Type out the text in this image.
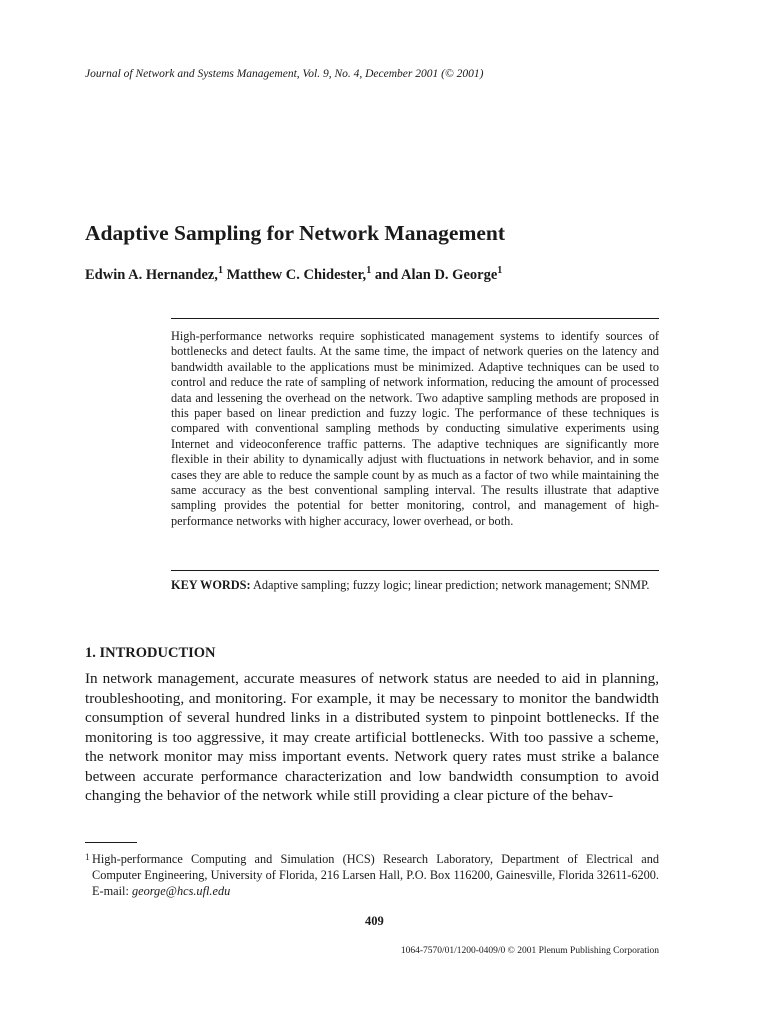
Journal of Network and Systems Management, Vol. 9, No. 4, December 2001 (© 2001)
Adaptive Sampling for Network Management
Edwin A. Hernandez,$^1$ Matthew C. Chidester,$^1$ and Alan D. George$^1$

High-performance networks require sophisticated management systems to identify sources of bottlenecks and detect faults. At the same time, the impact of network queries on the latency and bandwidth available to the applications must be minimized. Adaptive techniques can be used to control and reduce the rate of sampling of network information, reducing the amount of processed data and lessening the overhead on the network. Two adaptive sampling methods are proposed in this paper based on linear prediction and fuzzy logic. The performance of these techniques is compared with conventional sampling methods by conducting simulative experiments using Internet and videoconference traffic patterns. The adaptive techniques are significantly more flexible in their ability to dynamically adjust with fluctuations in network behavior, and in some cases they are able to reduce the sample count by as much as a factor of two while maintaining the same accuracy as the best conventional sampling interval. The results illustrate that adaptive sampling provides the potential for better monitoring, control, and management of high-performance networks with higher accuracy, lower overhead, or both.

KEY WORDS: Adaptive sampling; fuzzy logic; linear prediction; network management; SNMP.

1. INTRODUCTION

In network management, accurate measures of network status are needed to aid in planning, troubleshooting, and monitoring. For example, it may be necessary to monitor the bandwidth consumption of several hundred links in a distributed system to pinpoint bottlenecks. If the monitoring is too aggressive, it may create artificial bottlenecks. With too passive a scheme, the network monitor may miss important events. Network query rates must strike a balance between accurate performance characterization and low bandwidth consumption to avoid changing the behavior of the network while still providing a clear picture of the behav-

1 High-performance Computing and Simulation (HCS) Research Laboratory, Department of Electrical and Computer Engineering, University of Florida, 216 Larsen Hall, P.O. Box 116200, Gainesville, Florida 32611-6200. E-mail: george@hcs.ufl.edu

409
1064-7570/01/1200-0409/0 © 2001 Plenum Publishing Corporation
